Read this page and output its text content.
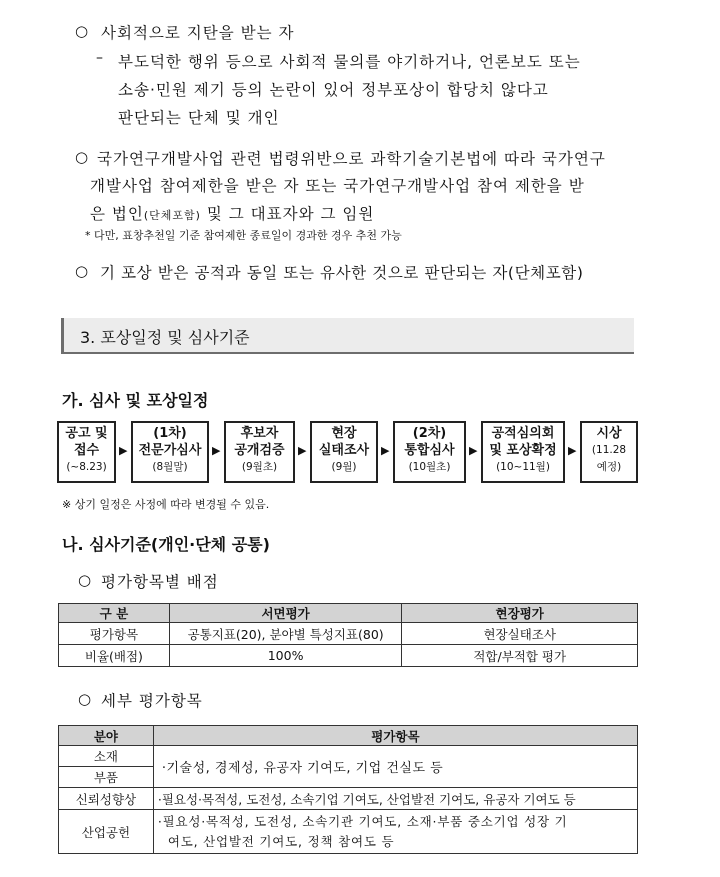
○ 사회적으로 지탄을 받는 자
– 부도덕한 행위 등으로 사회적 물의를 야기하거나, 언론보도 또는
소송·민원 제기 등의 논란이 있어 정부포상이 합당치 않다고
판단되는 단체 및 개인
○ 국가연구개발사업 관련 법령위반으로 과학기술기본법에 따라 국가연구
개발사업 참여제한을 받은 자 또는 국가연구개발사업 참여 제한을 받
은 법인(단체포함) 및 그 대표자와 그 임원
* 다만, 표창추천일 기준 참여제한 종료일이 경과한 경우 추천 가능
○ 기 포상 받은 공적과 동일 또는 유사한 것으로 판단되는 자(단체포함)
3. 포상일정 및 심사기준
가. 심사 및 포상일정
공고 및
접수
(~8.23)
▶
(1차)
전문가심사
(8월말)
▶
후보자
공개검증
(9월초)
▶
현장
실태조사
(9월)
▶
(2차)
통합심사
(10월초)
▶
공적심의회
및 포상확정
(10~11월)
▶
시상
(11.28
예정)
※ 상기 일정은 사정에 따라 변경될 수 있음.
나. 심사기준(개인·단체 공통)
○ 평가항목별 배점
구 분	서면평가	현장평가
평가항목	공통지표(20), 분야별 특성지표(80)	현장실태조사
비율(배점)	100%	적합/부적합 평가
○ 세부 평가항목
분야	평가항목
소재	·기술성, 경제성, 유공자 기여도, 기업 건실도 등
부품	
신뢰성향상	·필요성·목적성, 도전성, 소속기업 기여도, 산업발전 기여도, 유공자 기여도 등
산업공헌	·필요성·목적성, 도전성, 소속기관 기여도, 소재·부품 중소기업 성장 기
여도, 산업발전 기여도, 정책 참여도 등
